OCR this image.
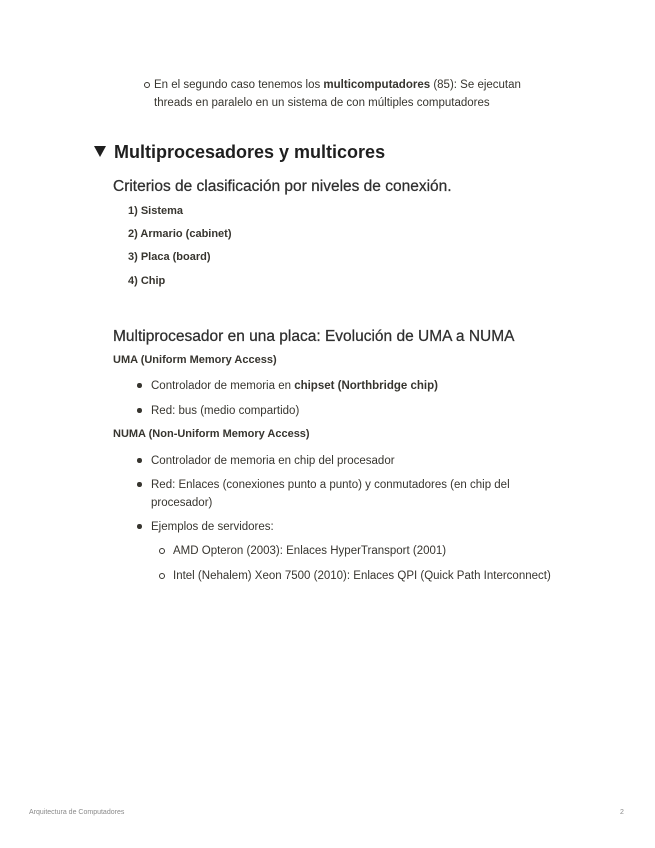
En el segundo caso tenemos los multicomputadores (85): Se ejecutan
threads en paralelo en un sistema de con múltiples computadores
Multiprocesadores y multicores
Criterios de clasificación por niveles de conexión.
1) Sistema
2) Armario (cabinet)
3) Placa (board)
4) Chip
Multiprocesador en una placa: Evolución de UMA a NUMA
UMA (Uniform Memory Access)
Controlador de memoria en chipset (Northbridge chip)
Red: bus (medio compartido)
NUMA (Non-Uniform Memory Access)
Controlador de memoria en chip del procesador
Red: Enlaces (conexiones punto a punto) y conmutadores (en chip del
procesador)
Ejemplos de servidores:
AMD Opteron (2003): Enlaces HyperTransport (2001)
Intel (Nehalem) Xeon 7500 (2010): Enlaces QPI (Quick Path Interconnect)
Arquitectura de Computadores	2
